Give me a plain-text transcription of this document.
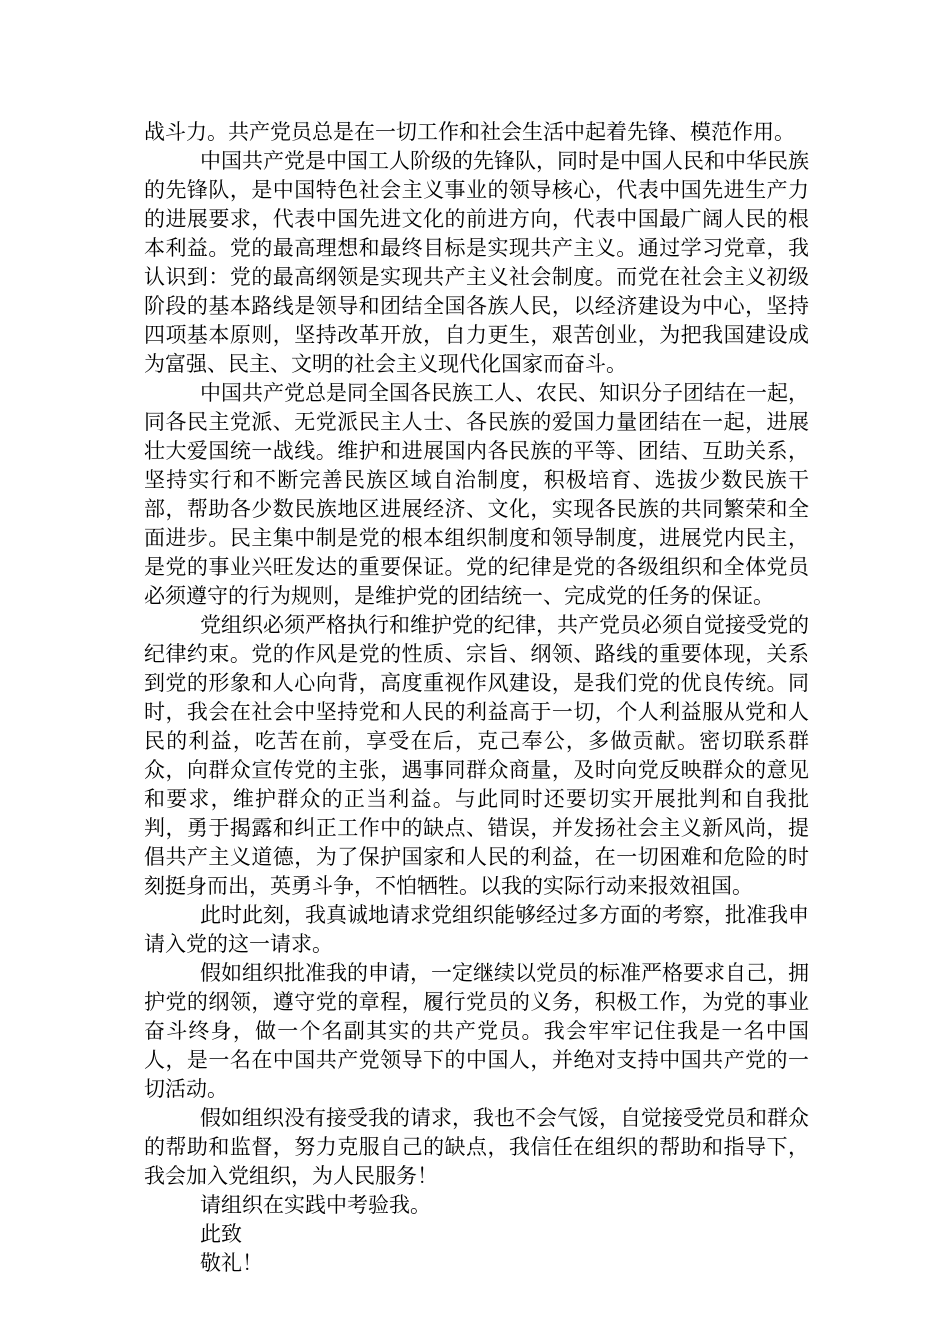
战斗力。共产党员总是在一切工作和社会生活中起着先锋、模范作用。

中国共产党是中国工人阶级的先锋队，同时是中国人民和中华民族的先锋队，是中国特色社会主义事业的领导核心，代表中国先进生产力的进展要求，代表中国先进文化的前进方向，代表中国最广阔人民的根本利益。党的最高理想和最终目标是实现共产主义。通过学习党章，我认识到：党的最高纲领是实现共产主义社会制度。而党在社会主义初级阶段的基本路线是领导和团结全国各族人民，以经济建设为中心，坚持四项基本原则，坚持改革开放，自力更生，艰苦创业，为把我国建设成为富强、民主、文明的社会主义现代化国家而奋斗。

中国共产党总是同全国各民族工人、农民、知识分子团结在一起，同各民主党派、无党派民主人士、各民族的爱国力量团结在一起，进展壮大爱国统一战线。维护和进展国内各民族的平等、团结、互助关系，坚持实行和不断完善民族区域自治制度，积极培育、选拔少数民族干部，帮助各少数民族地区进展经济、文化，实现各民族的共同繁荣和全面进步。民主集中制是党的根本组织制度和领导制度，进展党内民主，是党的事业兴旺发达的重要保证。党的纪律是党的各级组织和全体党员必须遵守的行为规则，是维护党的团结统一、完成党的任务的保证。

党组织必须严格执行和维护党的纪律，共产党员必须自觉接受党的纪律约束。党的作风是党的性质、宗旨、纲领、路线的重要体现，关系到党的形象和人心向背，高度重视作风建设，是我们党的优良传统。同时，我会在社会中坚持党和人民的利益高于一切，个人利益服从党和人民的利益，吃苦在前，享受在后，克己奉公，多做贡献。密切联系群众，向群众宣传党的主张，遇事同群众商量，及时向党反映群众的意见和要求，维护群众的正当利益。与此同时还要切实开展批判和自我批判，勇于揭露和纠正工作中的缺点、错误，并发扬社会主义新风尚，提倡共产主义道德，为了保护国家和人民的利益，在一切困难和危险的时刻挺身而出，英勇斗争，不怕牺牲。以我的实际行动来报效祖国。

此时此刻，我真诚地请求党组织能够经过多方面的考察，批准我申请入党的这一请求。

假如组织批准我的申请，一定继续以党员的标准严格要求自己，拥护党的纲领，遵守党的章程，履行党员的义务，积极工作，为党的事业奋斗终身，做一个名副其实的共产党员。我会牢牢记住我是一名中国人，是一名在中国共产党领导下的中国人，并绝对支持中国共产党的一切活动。

假如组织没有接受我的请求，我也不会气馁，自觉接受党员和群众的帮助和监督，努力克服自己的缺点，我信任在组织的帮助和指导下，我会加入党组织，为人民服务！

请组织在实践中考验我。

此致

敬礼！
